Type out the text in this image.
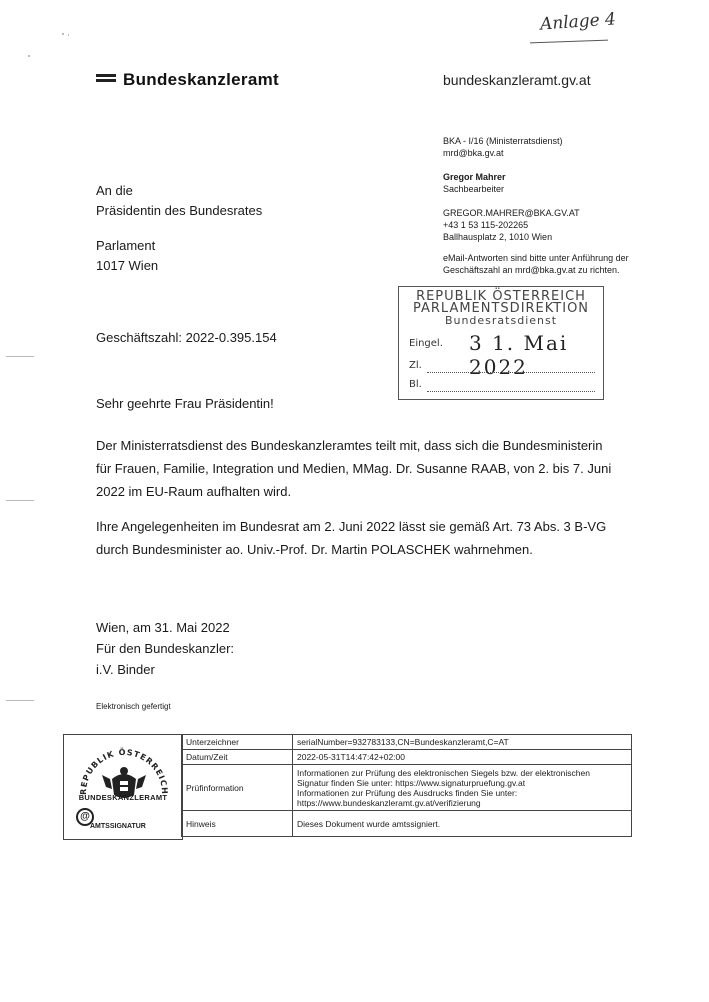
Anlage 4
Bundeskanzleramt	bundeskanzleramt.gv.at
BKA - I/16 (Ministerratsdienst)
mrd@bka.gv.at
Gregor Mahrer
Sachbearbeiter
GREGOR.MAHRER@BKA.GV.AT
+43 1 53 115-202265
Ballhausplatz 2, 1010 Wien
eMail-Antworten sind bitte unter Anführung der
Geschäftszahl an mrd@bka.gv.at zu richten.
An die
Präsidentin des Bundesrates
Parlament
1017 Wien
REPUBLIK ÖSTERREICH
PARLAMENTSDIREKTION
Bundesratsdienst
Eingel. 3 1. Mai 2022
Zl.
Bl.
Geschäftszahl: 2022-0.395.154
Sehr geehrte Frau Präsidentin!
Der Ministerratsdienst des Bundeskanzleramtes teilt mit, dass sich die Bundesministerin
für Frauen, Familie, Integration und Medien, MMag. Dr. Susanne RAAB, von 2. bis 7. Juni
2022 im EU-Raum aufhalten wird.
Ihre Angelegenheiten im Bundesrat am 2. Juni 2022 lässt sie gemäß Art. 73 Abs. 3 B-VG
durch Bundesminister ao. Univ.-Prof. Dr. Martin POLASCHEK wahrnehmen.
Wien, am 31. Mai 2022
Für den Bundeskanzler:
i.V. Binder
Elektronisch gefertigt
REPUBLIK ÖSTERREICH
BUNDESKANZLERAMT
@
AMTSSIGNATUR
Unterzeichner	serialNumber=932783133,CN=Bundeskanzleramt,C=AT

Datum/Zeit	2022-05-31T14:47:42+02:00

Prüfinformation	Informationen zur Prüfung des elektronischen Siegels bzw. der elektronischen
Signatur finden Sie unter: https://www.signaturpruefung.gv.at
Informationen zur Prüfung des Ausdrucks finden Sie unter:
https://www.bundeskanzleramt.gv.at/verifizierung

Hinweis	Dieses Dokument wurde amtssigniert.
